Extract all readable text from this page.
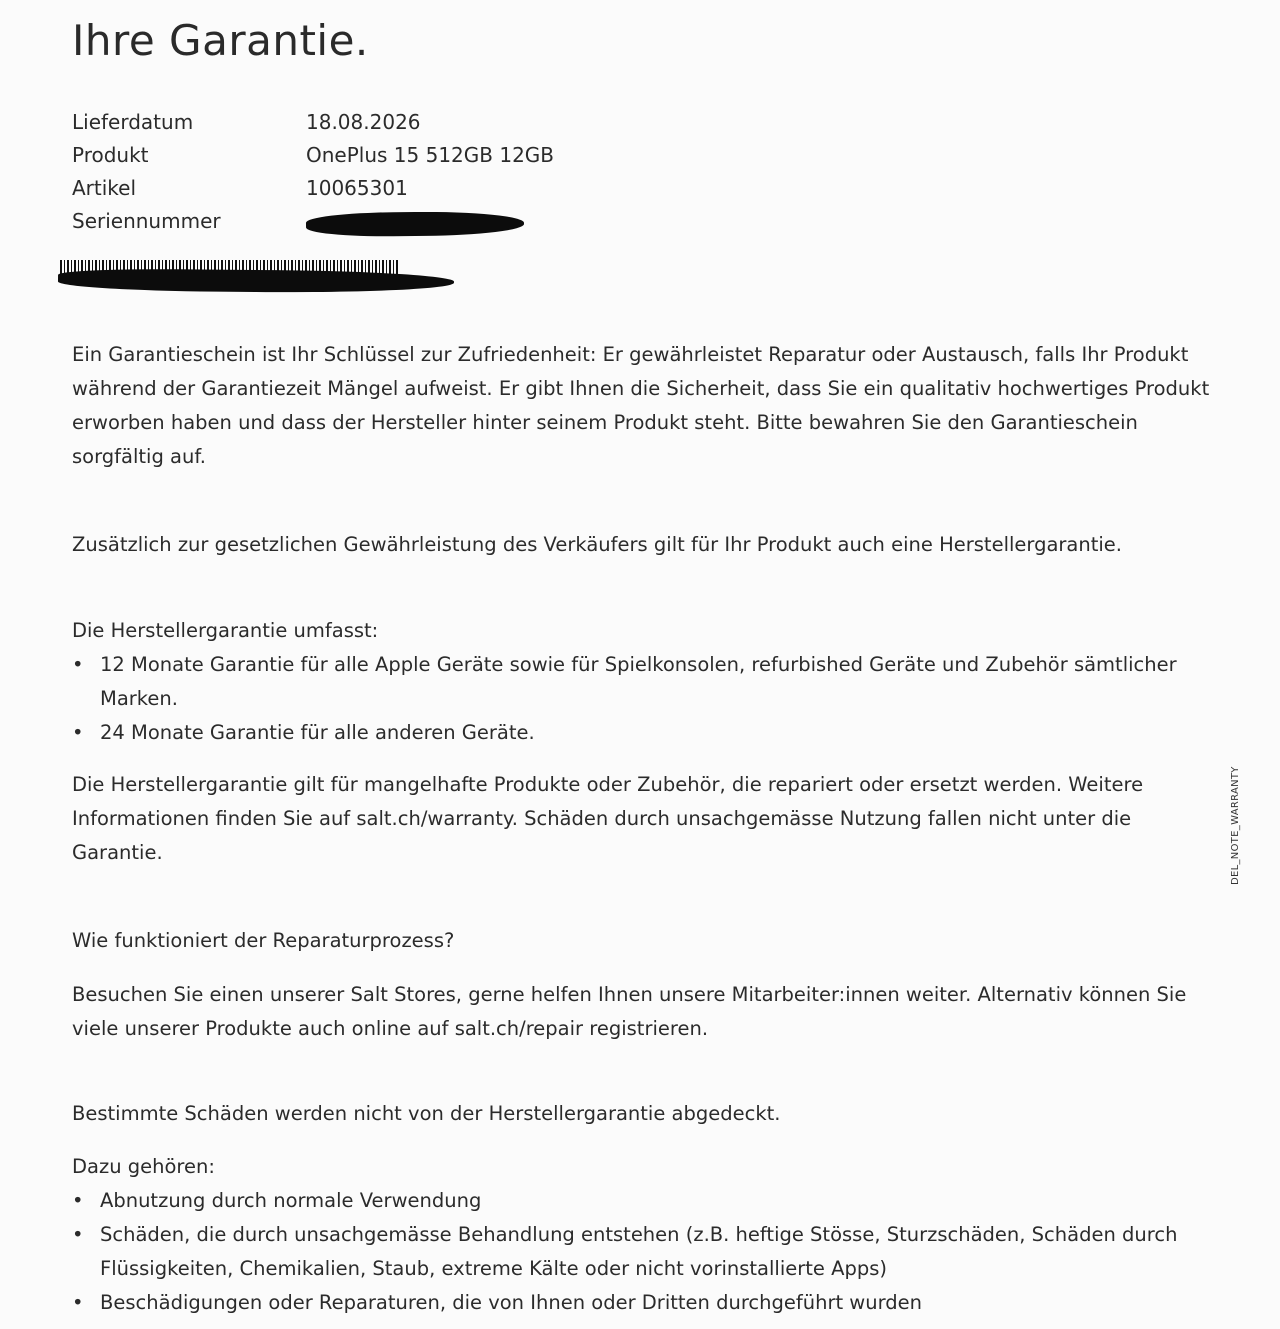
Ihre Garantie.
Lieferdatum	18.08.2026
Produkt	OnePlus 15 512GB 12GB
Artikel	10065301
Seriennummer

Ein Garantieschein ist Ihr Schlüssel zur Zufriedenheit: Er gewährleistet Reparatur oder Austausch, falls Ihr Produkt während der Garantiezeit Mängel aufweist. Er gibt Ihnen die Sicherheit, dass Sie ein qualitativ hochwertiges Produkt erworben haben und dass der Hersteller hinter seinem Produkt steht. Bitte bewahren Sie den Garantieschein sorgfältig auf.

Zusätzlich zur gesetzlichen Gewährleistung des Verkäufers gilt für Ihr Produkt auch eine Herstellergarantie.

Die Herstellergarantie umfasst:

• 12 Monate Garantie für alle Apple Geräte sowie für Spielkonsolen, refurbished Geräte und Zubehör sämtlicher Marken.
• 24 Monate Garantie für alle anderen Geräte.

Die Herstellergarantie gilt für mangelhafte Produkte oder Zubehör, die repariert oder ersetzt werden. Weitere Informationen finden Sie auf salt.ch/warranty. Schäden durch unsachgemässe Nutzung fallen nicht unter die Garantie.

Wie funktioniert der Reparaturprozess?

Besuchen Sie einen unserer Salt Stores, gerne helfen Ihnen unsere Mitarbeiter:innen weiter. Alternativ können Sie viele unserer Produkte auch online auf salt.ch/repair registrieren.

Bestimmte Schäden werden nicht von der Herstellergarantie abgedeckt.

Dazu gehören:

• Abnutzung durch normale Verwendung
• Schäden, die durch unsachgemässe Behandlung entstehen (z.B. heftige Stösse, Sturzschäden, Schäden durch Flüssigkeiten, Chemikalien, Staub, extreme Kälte oder nicht vorinstallierte Apps)
• Beschädigungen oder Reparaturen, die von Ihnen oder Dritten durchgeführt wurden
DEL_NOTE_WARRANTY
